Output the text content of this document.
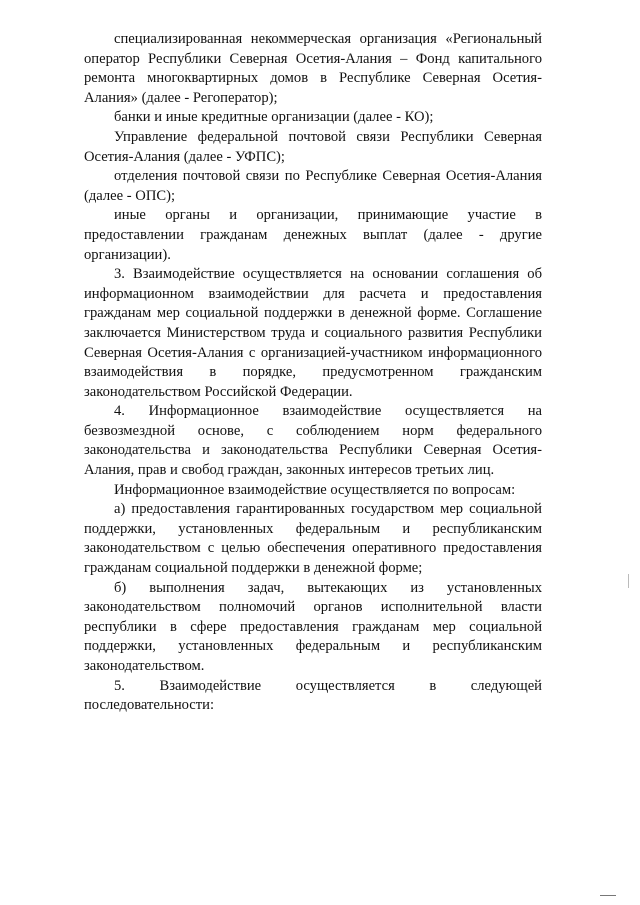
специализированная некоммерческая организация «Региональный оператор Республики Северная Осетия-Алания – Фонд капитального ремонта многоквартирных домов в Республике Северная Осетия-Алания» (далее - Регоператор);

банки и иные кредитные организации (далее - КО);

Управление федеральной почтовой связи Республики Северная Осетия-Алания (далее - УФПС);

отделения почтовой связи по Республике Северная Осетия-Алания (далее - ОПС);

иные органы и организации, принимающие участие в предоставлении гражданам денежных выплат (далее - другие организации).

3. Взаимодействие осуществляется на основании соглашения об информационном взаимодействии для расчета и предоставления гражданам мер социальной поддержки в денежной форме. Соглашение заключается Министерством труда и социального развития Республики Северная Осетия-Алания с организацией-участником информационного взаимодействия в порядке, предусмотренном гражданским законодательством Российской Федерации.

4. Информационное взаимодействие осуществляется на безвозмездной основе, с соблюдением норм федерального законодательства и законодательства Республики Северная Осетия-Алания, прав и свобод граждан, законных интересов третьих лиц.

Информационное взаимодействие осуществляется по вопросам:

а) предоставления гарантированных государством мер социальной поддержки, установленных федеральным и республиканским законодательством с целью обеспечения оперативного предоставления гражданам социальной поддержки в денежной форме;

б) выполнения задач, вытекающих из установленных законодательством полномочий органов исполнительной власти республики в сфере предоставления гражданам мер социальной поддержки, установленных федеральным и республиканским законодательством.

5. Взаимодействие осуществляется в следующей последовательности:
